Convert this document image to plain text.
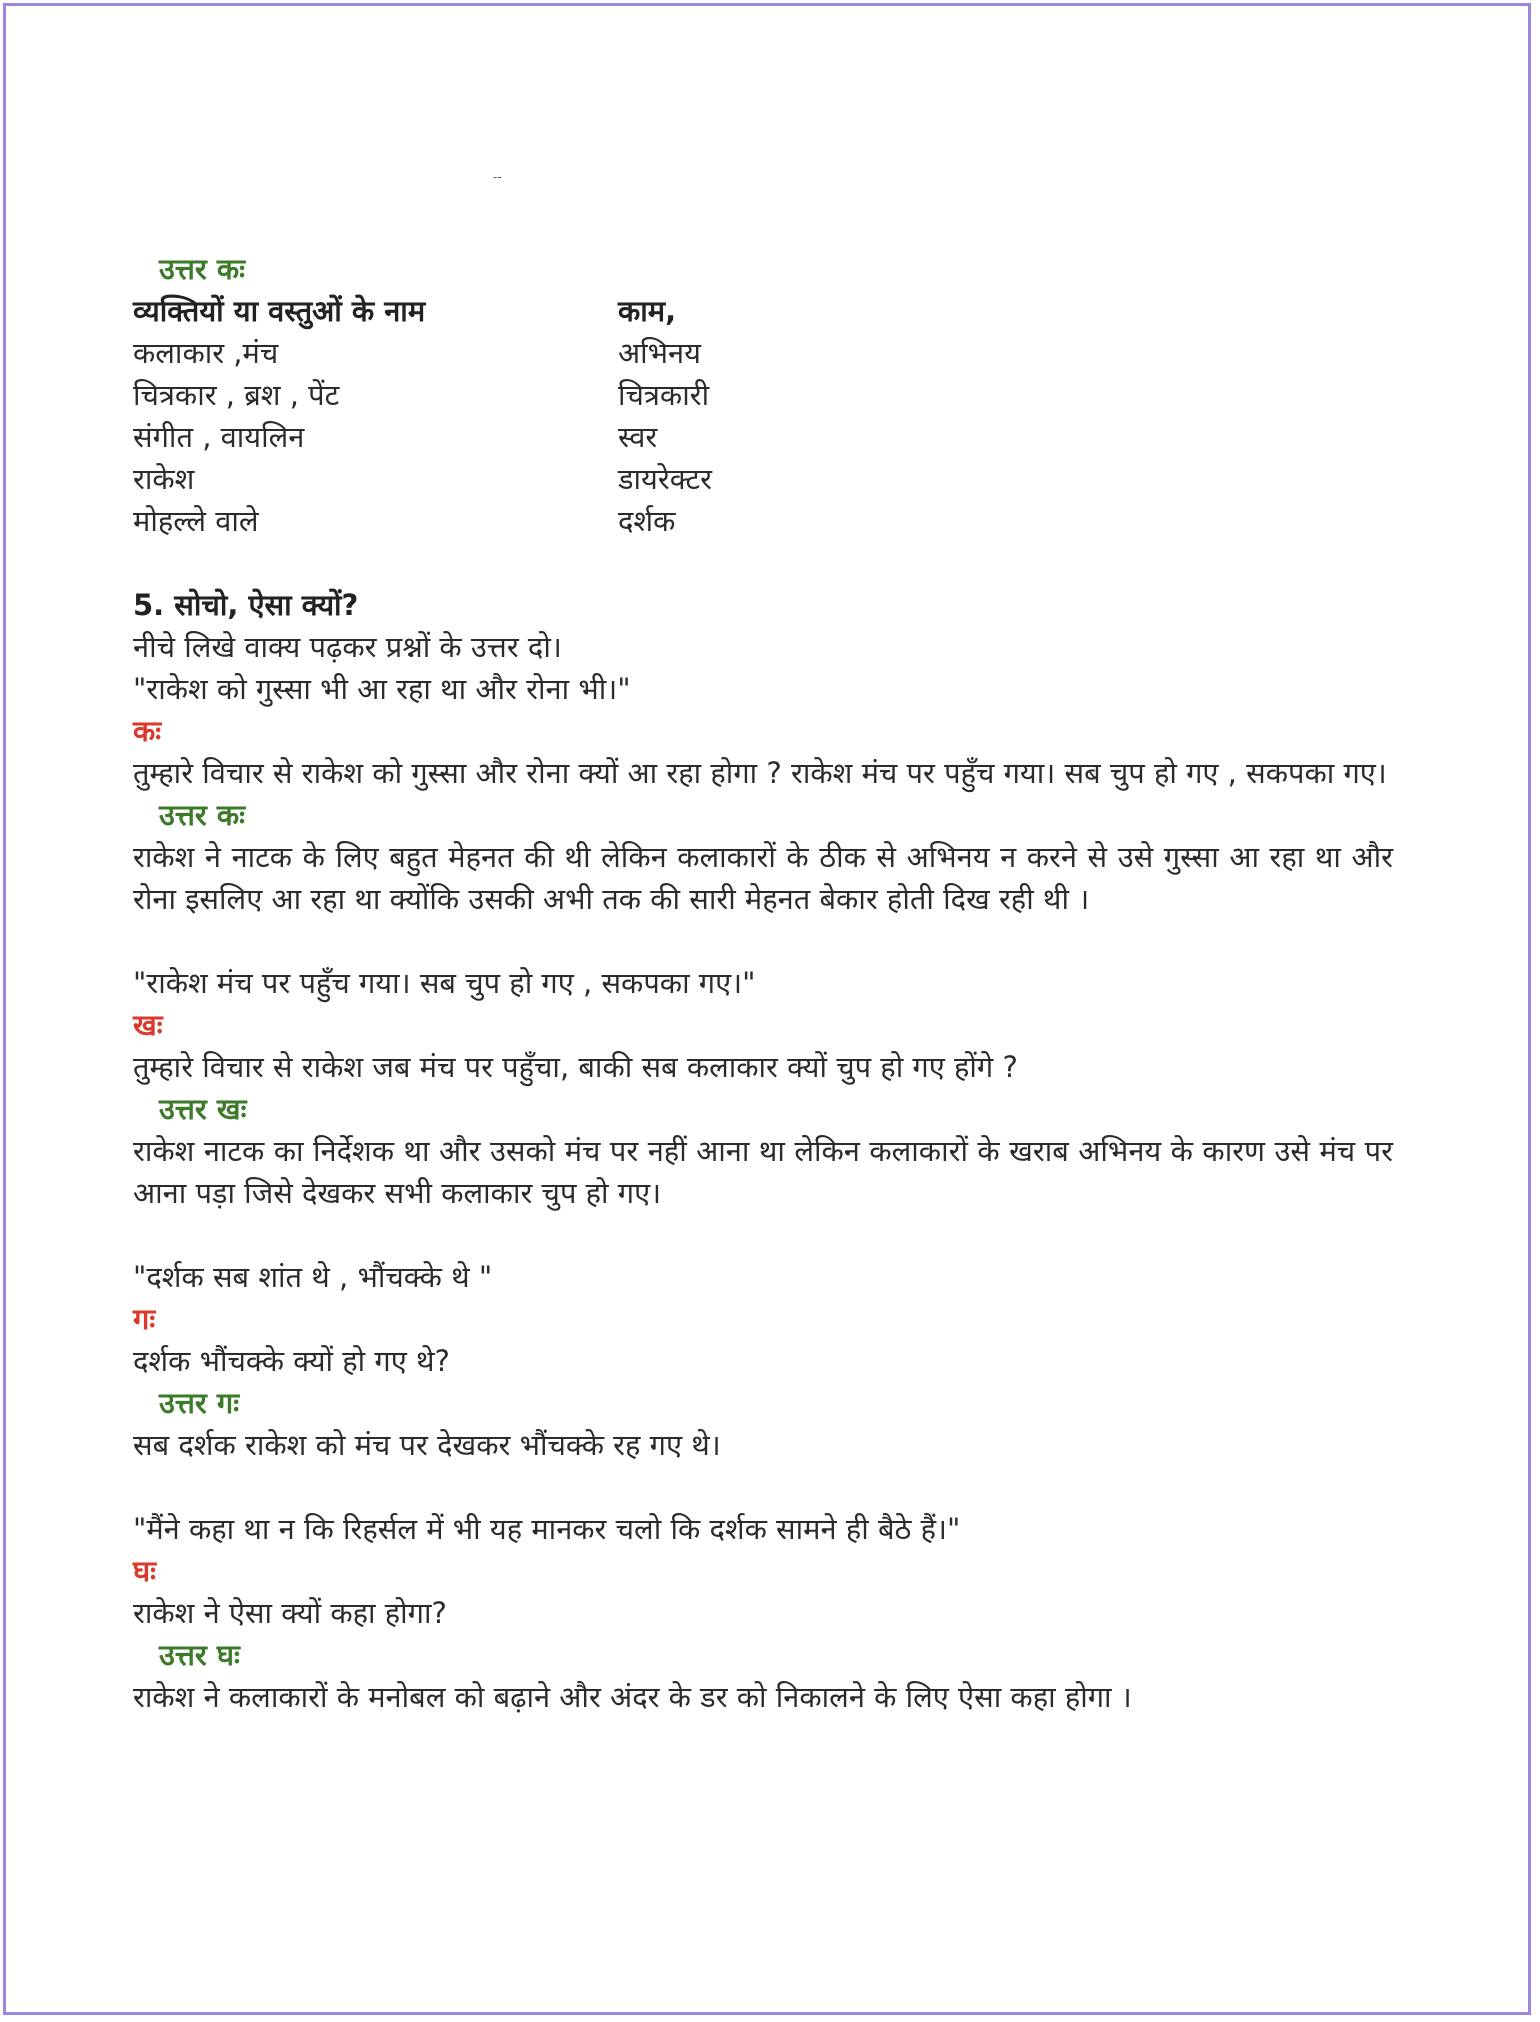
--
उत्तर कः
व्यक्तियों या वस्तुओं के नाम	काम,
कलाकार ,मंच	अभिनय
चित्रकार , ब्रश , पेंट	चित्रकारी
संगीत , वायलिन	स्वर
राकेश	डायरेक्टर
मोहल्ले वाले	दर्शक
5. सोचो, ऐसा क्यों?
नीचे लिखे वाक्य पढ़कर प्रश्नों के उत्तर दो।
"राकेश को गुस्सा भी आ रहा था और रोना भी।"
कः
तुम्हारे विचार से राकेश को गुस्सा और रोना क्यों आ रहा होगा ? राकेश मंच पर पहुँच गया। सब चुप हो गए , सकपका गए।
उत्तर कः
राकेश ने नाटक के लिए बहुत मेहनत की थी लेकिन कलाकारों के ठीक से अभिनय न करने से उसे गुस्सा आ रहा था और रोना इसलिए आ रहा था क्योंकि उसकी अभी तक की सारी मेहनत बेकार होती दिख रही थी ।
"राकेश मंच पर पहुँच गया। सब चुप हो गए , सकपका गए।"
खः
तुम्हारे विचार से राकेश जब मंच पर पहुँचा, बाकी सब कलाकार क्यों चुप हो गए होंगे ?
उत्तर खः
राकेश नाटक का निर्देशक था और उसको मंच पर नहीं आना था लेकिन कलाकारों के खराब अभिनय के कारण उसे मंच पर आना पड़ा जिसे देखकर सभी कलाकार चुप हो गए।
"दर्शक सब शांत थे , भौंचक्के थे "
गः
दर्शक भौंचक्के क्यों हो गए थे?
उत्तर गः
सब दर्शक राकेश को मंच पर देखकर भौंचक्के रह गए थे।
"मैंने कहा था न कि रिहर्सल में भी यह मानकर चलो कि दर्शक सामने ही बैठे हैं।"
घः
राकेश ने ऐसा क्यों कहा होगा?
उत्तर घः
राकेश ने कलाकारों के मनोबल को बढ़ाने और अंदर के डर को निकालने के लिए ऐसा कहा होगा ।
